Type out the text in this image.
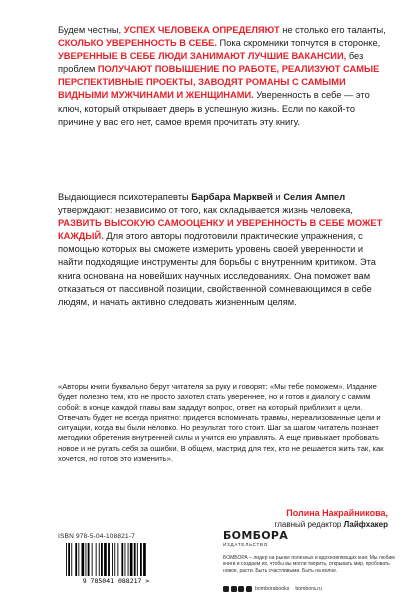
Будем честны, УСПЕХ ЧЕЛОВЕКА ОПРЕДЕЛЯЮТ не столько его таланты, СКОЛЬКО УВЕРЕННОСТЬ В СЕБЕ. Пока скромники топчутся в сторонке, УВЕРЕННЫЕ В СЕБЕ ЛЮДИ ЗАНИМАЮТ ЛУЧШИЕ ВАКАНСИИ, без проблем ПОЛУЧАЮТ ПОВЫШЕНИЕ ПО РАБОТЕ, РЕАЛИЗУЮТ САМЫЕ ПЕРСПЕКТИВНЫЕ ПРОЕКТЫ, ЗАВОДЯТ РОМАНЫ С САМЫМИ ВИДНЫМИ МУЖЧИНАМИ И ЖЕНЩИНАМИ. Уверенность в себе — это ключ, который открывает дверь в успешную жизнь. Если по какой-то причине у вас его нет, самое время прочитать эту книгу.

Выдающиеся психотерапевты Барбара Марквей и Селия Ампел утверждают: независимо от того, как складывается жизнь человека, РАЗВИТЬ ВЫСОКУЮ САМООЦЕНКУ И УВЕРЕННОСТЬ В СЕБЕ МОЖЕТ КАЖДЫЙ. Для этого авторы подготовили практические упражнения, с помощью которых вы сможете измерить уровень своей уверенности и найти подходящие инструменты для борьбы с внутренним критиком. Эта книга основана на новейших научных исследованиях. Она поможет вам отказаться от пассивной позиции, свойственной сомневающимся в себе людям, и начать активно следовать жизненным целям.

«Авторы книги буквально берут читателя за руку и говорят: «Мы тебе поможем». Издание будет полезно тем, кто не просто захотел стать увереннее, но и готов к диалогу с самим собой: в конце каждой главы вам зададут вопрос, ответ на который приблизит к цели. Отвечать будет не всегда приятно: придется вспоминать травмы, нереализованные цели и ситуации, когда вы были неловко. Но результат того стоит. Шаг за шагом читатель познает методики обретения внутренней силы и учится ею управлять. А еще привыкает пробовать новое и не ругать себя за ошибки. В общем, мастрид для тех, кто не решается жить так, как хочется, но готов это изменить».

Полина Накрайникова,
главный редактор Лайфхакер
ISBN 978-5-04-108821-7
9 785041 088217 >
БОМБОРА
ИЗДАТЕЛЬСТВО

БОМБОРА – лидер на рынке полезных и вдохновляющих книг. Мы любим книги и создаем их, чтобы вы могли творить, открывать мир, пробовать новое, расти. Быть счастливыми. Быть на волне.

bomborabooks bombora.ru
